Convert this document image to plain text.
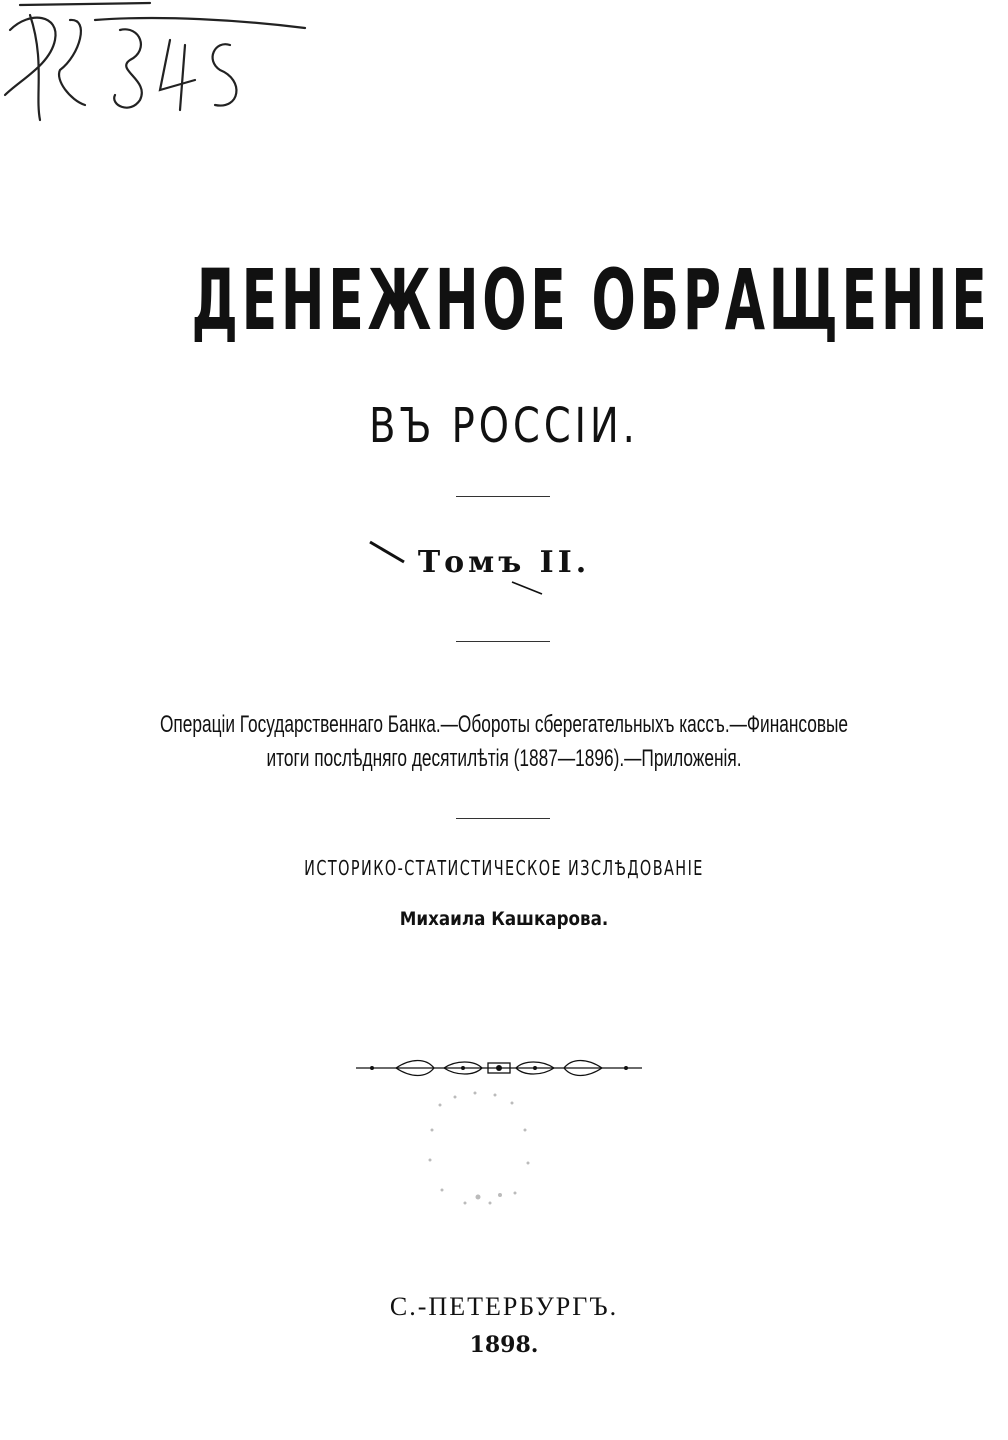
ДЕНЕЖНОЕ ОБРАЩЕНІЕ
ВЪ РОССІИ.
Томъ II.
Операціи Государственнаго Банка.—Обороты сберегательныхъ кассъ.—Финансовые
итоги послѣдняго десятилѣтія (1887—1896).—Приложенія.
ИСТОРИКО-СТАТИСТИЧЕСКОЕ ИЗСЛѢДОВАНІЕ
Михаила Кашкарова.
С.-ПЕТЕРБУРГЪ.
1898.
